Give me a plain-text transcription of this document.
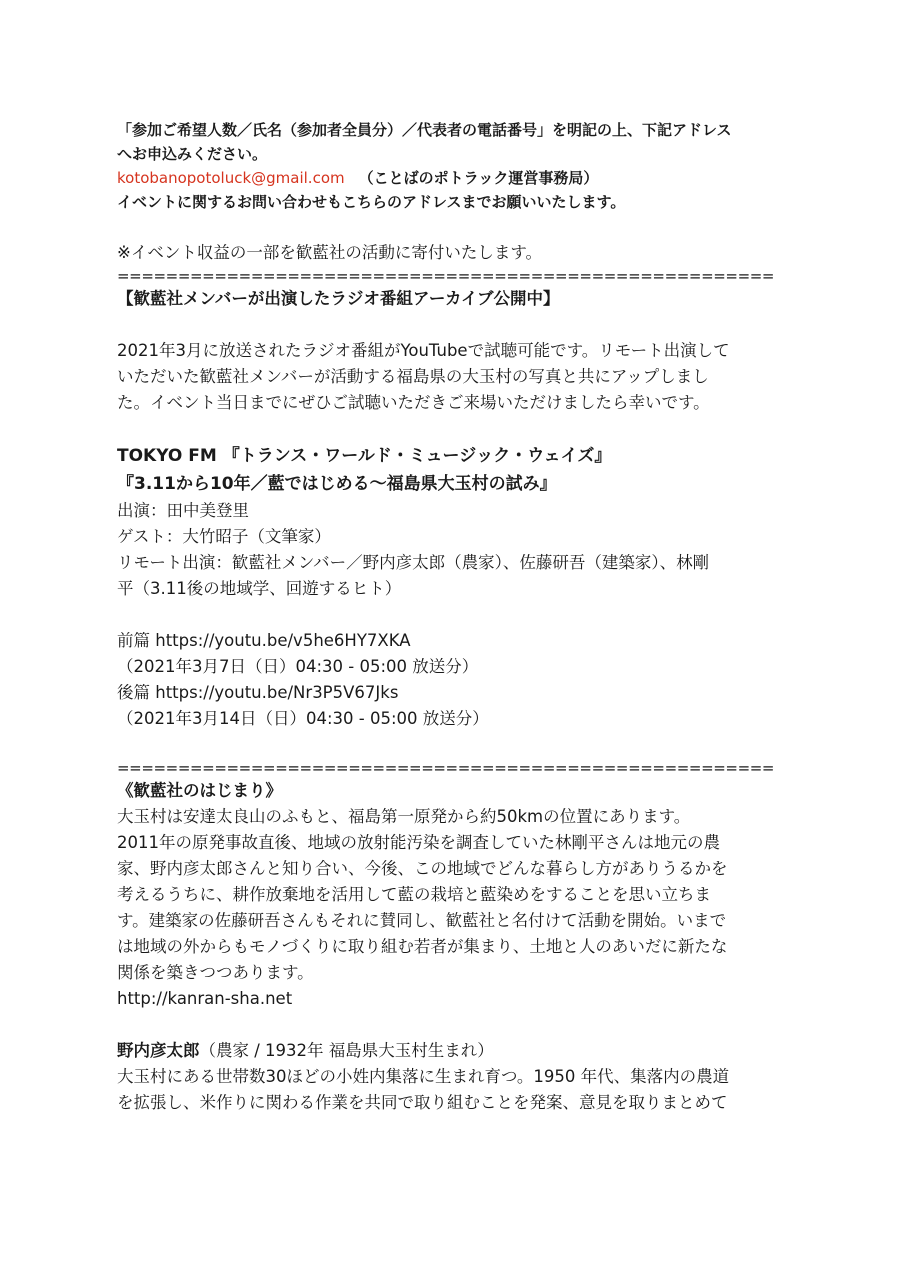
「参加ご希望人数／氏名（参加者全員分）／代表者の電話番号」を明記の上、下記アドレス

へお申込みください。

kotobanopotoluck@gmail.com （ことばのポトラック運営事務局）

イベントに関するお問い合わせもこちらのアドレスまでお願いいたします。

※イベント収益の一部を歓藍社の活動に寄付いたします。

======================================================

【歓藍社メンバーが出演したラジオ番組アーカイブ公開中】

2021年3月に放送されたラジオ番組がYouTubeで試聴可能です。リモート出演して

いただいた歓藍社メンバーが活動する福島県の大玉村の写真と共にアップしまし

た。イベント当日までにぜひご試聴いただきご来場いただけましたら幸いです。

TOKYO FM 『トランス・ワールド・ミュージック・ウェイズ』

『3.11から10年／藍ではじめる〜福島県大玉村の試み』

出演：田中美登里

ゲスト：大竹昭子（文筆家）

リモート出演：歓藍社メンバー／野内彦太郎（農家）、佐藤研吾（建築家）、林剛

平（3.11後の地域学、回遊するヒト）

前篇 https://youtu.be/v5he6HY7XKA

（2021年3月7日（日）04:30 - 05:00 放送分）

後篇 https://youtu.be/Nr3P5V67Jks

（2021年3月14日（日）04:30 - 05:00 放送分）

======================================================

《歓藍社のはじまり》

大玉村は安達太良山のふもと、福島第一原発から約50kmの位置にあります。

2011年の原発事故直後、地域の放射能汚染を調査していた林剛平さんは地元の農

家、野内彦太郎さんと知り合い、今後、この地域でどんな暮らし方がありうるかを

考えるうちに、耕作放棄地を活用して藍の栽培と藍染めをすることを思い立ちま

す。建築家の佐藤研吾さんもそれに賛同し、歓藍社と名付けて活動を開始。いまで

は地域の外からもモノづくりに取り組む若者が集まり、土地と人のあいだに新たな

関係を築きつつあります。

http://kanran-sha.net

野内彦太郎（農家 / 1932年 福島県大玉村生まれ）

大玉村にある世帯数30ほどの小姓内集落に生まれ育つ。1950 年代、集落内の農道

を拡張し、米作りに関わる作業を共同で取り組むことを発案、意見を取りまとめて
